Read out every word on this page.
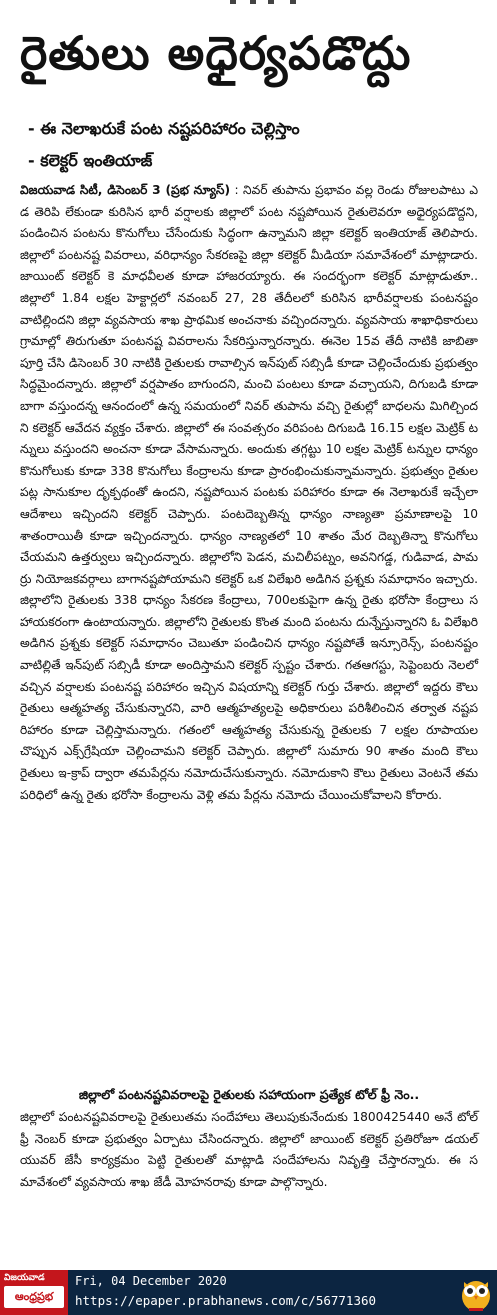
రైతులు అధైర్యపడొద్దు
- ఈ నెలాఖరుకే పంట నష్టపరిహారం చెల్లిస్తాం
- కలెక్టర్ ఇంతియాజ్

విజయవాడ సిటీ, డిసెంబర్ 3 (ప్రభ న్యూస్) : నివర్ తుపాను ప్రభావం వల్ల రెండు రోజులపాటు ఎడ తెరిపి లేకుండా కురిసిన భారీ వర్షాలకు జిల్లాలో పంట నష్టపోయిన రైతులెవరూ అధైర్యపడొద్దని, పండించిన పంటను కొనుగోలు చేసేందుకు సిద్ధంగా ఉన్నామని జిల్లా కలెక్టర్ ఇంతియాజ్ తెలిపారు. జిల్లాలో పంటనష్ట వివరాలు, వరిధాన్యం సేకరణపై జిల్లా కలెక్టర్ మీడియా సమావేశంలో మాట్లాడారు. జాయింట్ కలెక్టర్ కె మాధవీలత కూడా హాజరయ్యారు. ఈ సందర్భంగా కలెక్టర్ మాట్లాడుతూ.. జిల్లాలో 1.84 లక్షల హెక్టార్లలో నవంబర్ 27, 28 తేదీలలో కురిసిన భారీవర్షాలకు పంటనష్టం వాటిల్లిందని జిల్లా వ్యవసాయ శాఖ ప్రాథమిక అంచనాకు వచ్చిందన్నారు. వ్యవసాయ శాఖాధికారులు గ్రామాల్లో తిరుగుతూ పంటనష్ట వివరాలను సేకరిస్తున్నారన్నారు. ఈనెల 15వ తేదీ నాటికి జాబితా పూర్తి చేసి డిసెంబర్ 30 నాటికి రైతులకు రావాల్సిన ఇన్‌పుట్ సబ్సిడీ కూడా చెల్లించేందుకు ప్రభుత్వం సిద్ధమైందన్నారు. జిల్లాలో వర్షపాతం బాగుందని, మంచి పంటలు కూడా వచ్చాయని, దిగుబడి కూడా బాగా వస్తుందన్న ఆనందంలో ఉన్న సమయంలో నివర్ తుపాను వచ్చి రైతుల్లో బాధలను మిగిల్చిందని కలెక్టర్ ఆవేదన వ్యక్తం చేశారు. జిల్లాలో ఈ సంవత్సరం వరిపంట దిగుబడి 16.15 లక్షల మెట్రిక్ టన్నులు వస్తుందని అంచనా కూడా వేసామన్నారు. అందుకు తగ్గట్టు 10 లక్షల మెట్రిక్ టన్నుల ధాన్యం కొనుగోలుకు కూడా 338 కొనుగోలు కేంద్రాలను కూడా ప్రారంభించుకున్నామన్నారు. ప్రభుత్వం రైతుల పట్ల సానుకూల దృక్పథంతో ఉందని, నష్టపోయిన పంటకు పరిహారం కూడా ఈ నెలాఖరుకే ఇచ్చేలా ఆదేశాలు ఇచ్చిందని కలెక్టర్ చెప్పారు. పంటదెబ్బతిన్న ధాన్యం నాణ్యతా ప్రమాణాలపై 10 శాతంరాయితీ కూడా ఇచ్చిందన్నారు. ధాన్యం నాణ్యతలో 10 శాతం మేర దెబ్బతిన్నా కొనుగోలు చేయమని ఉత్తర్వులు ఇచ్చిందన్నారు. జిల్లాలోని పెడన, మచిలీపట్నం, అవనిగడ్డ, గుడివాడ, పామర్రు నియోజకవర్గాలు బాగానష్టపోయామని కలెక్టర్ ఒక విలేఖరి అడిగిన ప్రశ్నకు సమాధానం ఇచ్చారు. జిల్లాలోని రైతులకు 338 ధాన్యం సేకరణ కేంద్రాలు, 700లకుపైగా ఉన్న రైతు భరోసా కేంద్రాలు సహాయకరంగా ఉంటాయన్నారు. జిల్లాలోని రైతులకు కొంత మంది పంటను దున్నేస్తున్నారని ఓ విలేఖరి అడిగిన ప్రశ్నకు కలెక్టర్ సమాధానం చెబుతూ పండించిన ధాన్యం నష్టపోతే ఇన్సూరెన్స్, పంటనష్టం వాటిల్లితే ఇన్‌పుట్ సబ్సిడీ కూడా అందిస్తామని కలెక్టర్ స్పష్టం చేశారు. గతఆగస్టు, సెప్టెంబరు నెలలో వచ్చిన వర్షాలకు పంటనష్ట పరిహారం ఇచ్చిన విషయాన్ని కలెక్టర్ గుర్తు చేశారు. జిల్లాలో ఇద్దరు కౌలు రైతులు ఆత్మహత్య చేసుకున్నారని, వారి ఆత్మహత్యలపై అధికారులు పరిశీలించిన తర్వాత నష్టపరిహారం కూడా చెల్లిస్తామన్నారు. గతంలో ఆత్మహత్య చేసుకున్న రైతులకు 7 లక్షల రూపాయల చొప్పున ఎక్స్‌గ్రేషియా చెల్లించామని కలెక్టర్ చెప్పారు. జిల్లాలో సుమారు 90 శాతం మంది కౌలు రైతులు ఇ-క్రాప్ ద్వారా తమపేర్లను నమోదుచేసుకున్నారు. నమోదుకాని కౌలు రైతులు వెంటనే తమ పరిధిలో ఉన్న రైతు భరోసా కేంద్రాలను వెళ్లి తమ పేర్లను నమోదు చేయించుకోవాలని కోరారు.

జిల్లాలో పంటనష్టవివరాలపై రైతులకు సహాయంగా ప్రత్యేక టోల్ ఫ్రీ నెం..
జిల్లాలో పంటనష్టవివరాలపై రైతులుతమ సందేహాలు తెలుపుకునేందుకు 1800425440 అనే టోల్ ఫ్రీ నెంబర్ కూడా ప్రభుత్వం ఏర్పాటు చేసిందన్నారు. జిల్లాలో జాయింట్ కలెక్టర్ ప్రతిరోజూ డయల్ యువర్ జేసీ కార్యక్రమం పెట్టి రైతులతో మాట్లాడి సందేహాలను నివృత్తి చేస్తారన్నారు. ఈ సమావేశంలో వ్యవసాయ శాఖ జేడీ మోహనరావు కూడా పాల్గొన్నారు.
విజయవాడ
ఆంధ్రప్రభ
Fri, 04 December 2020
https://epaper.prabhanews.com/c/56771360
